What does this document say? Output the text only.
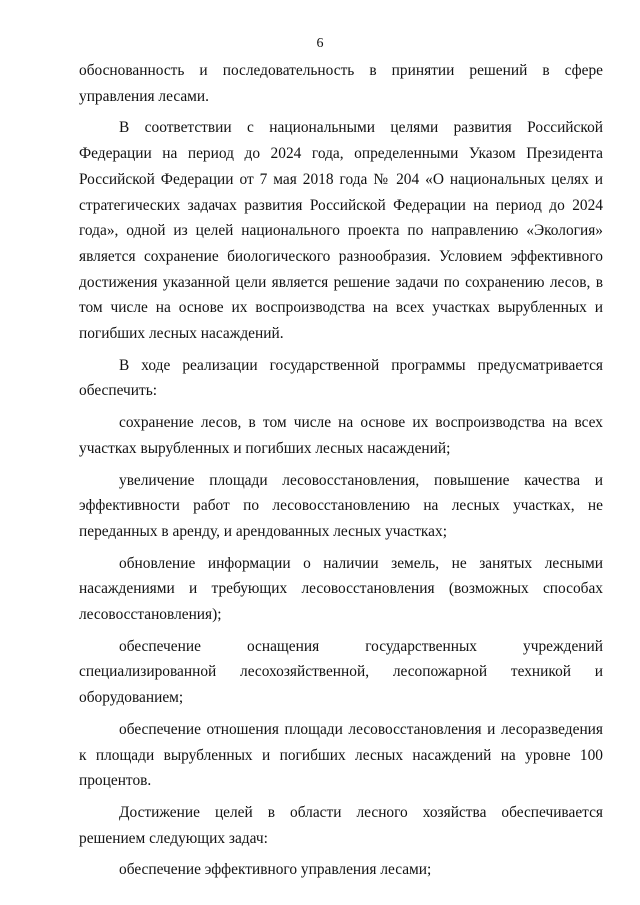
6

обоснованность и последовательность в принятии решений в сфере управления лесами.

В соответствии с национальными целями развития Российской Федерации на период до 2024 года, определенными Указом Президента Российской Федерации от 7 мая 2018 года № 204 «О национальных целях и стратегических задачах развития Российской Федерации на период до 2024 года», одной из целей национального проекта по направлению «Экология» является сохранение биологического разнообразия. Условием эффективного достижения указанной цели является решение задачи по сохранению лесов, в том числе на основе их воспроизводства на всех участках вырубленных и погибших лесных насаждений.

В ходе реализации государственной программы предусматривается обеспечить:

сохранение лесов, в том числе на основе их воспроизводства на всех участках вырубленных и погибших лесных насаждений;

увеличение площади лесовосстановления, повышение качества и эффективности работ по лесовосстановлению на лесных участках, не переданных в аренду, и арендованных лесных участках;

обновление информации о наличии земель, не занятых лесными насаждениями и требующих лесовосстановления (возможных способах лесовосстановления);

обеспечение оснащения государственных учреждений специализированной лесохозяйственной, лесопожарной техникой и оборудованием;

обеспечение отношения площади лесовосстановления и лесоразведения к площади вырубленных и погибших лесных насаждений на уровне 100 процентов.

Достижение целей в области лесного хозяйства обеспечивается решением следующих задач:

обеспечение эффективного управления лесами;
